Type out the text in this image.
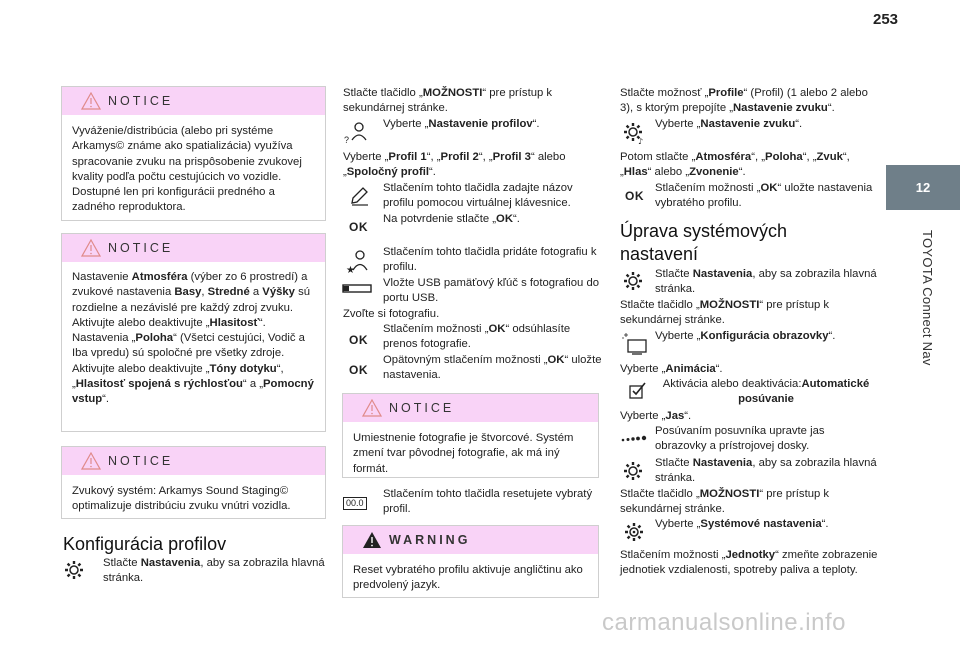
253
12
TOYOTA Connect Nav
NOTICE

Vyváženie/distribúcia (alebo pri systéme Arkamys© známe ako spatializácia) využíva spracovanie zvuku na prispôsobenie zvukovej kvality podľa počtu cestujúcich vo vozidle. Dostupné len pri konfigurácii predného a zadného reproduktora.

NOTICE

Nastavenie Atmosféra (výber zo 6 prostredí) a zvukové nastavenia Basy, Stredné a Výšky sú rozdielne a nezávislé pre každý zdroj zvuku.

Aktivujte alebo deaktivujte „Hlasitosť“.

Nastavenia „Poloha“ (Všetci cestujúci, Vodič a Iba vpredu) sú spoločné pre všetky zdroje.

Aktivujte alebo deaktivujte „Tóny dotyku“, „Hlasitosť spojená s rýchlosťou“ a „Pomocný vstup“.

NOTICE

Zvukový systém: Arkamys Sound Staging© optimalizuje distribúciu zvuku vnútri vozidla.

Konfigurácia profilov

Stlačte Nastavenia, aby sa zobrazila hlavná stránka.

Stlačte tlačidlo „MOŽNOSTI“ pre prístup k sekundárnej stránke.

?

Vyberte „Nastavenie profilov“.

Vyberte „Profil 1“, „Profil 2“, „Profil 3“ alebo „Spoločný profil“.

Stlačením tohto tlačidla zadajte názov profilu pomocou virtuálnej klávesnice.

OK

Na potvrdenie stlačte „OK“.

★

Stlačením tohto tlačidla pridáte fotografiu k profilu.

Vložte USB pamäťový kľúč s fotografiou do portu USB.

Zvoľte si fotografiu.

OK

Stlačením možnosti „OK“ odsúhlasíte prenos fotografie.

OK

Opätovným stlačením možnosti „OK“ uložte nastavenia.

NOTICE

Umiestnenie fotografie je štvorcové. Systém zmení tvar pôvodnej fotografie, ak má iný formát.

00.0

Stlačením tohto tlačidla resetujete vybratý profil.

WARNING

Reset vybratého profilu aktivuje angličtinu ako predvolený jazyk.

Stlačte možnosť „Profile“ (Profil) (1 alebo 2 alebo 3), s ktorým prepojíte „Nastavenie zvuku“.

♪

Vyberte „Nastavenie zvuku“.

Potom stlačte „Atmosféra“, „Poloha“, „Zvuk“, „Hlas“ alebo „Zvonenie“.

OK

Stlačením možnosti „OK“ uložte nastavenia vybratého profilu.

Úprava systémových nastavení

Stlačte Nastavenia, aby sa zobrazila hlavná stránka.

Stlačte tlačidlo „MOŽNOSTI“ pre prístup k sekundárnej stránke.

Vyberte „Konfigurácia obrazovky“.

Vyberte „Animácia“.

Aktivácia alebo deaktivácia:Automatické posúvanie

Vyberte „Jas“.

Posúvaním posuvníka upravte jas obrazovky a prístrojovej dosky.

Stlačte Nastavenia, aby sa zobrazila hlavná stránka.

Stlačte tlačidlo „MOŽNOSTI“ pre prístup k sekundárnej stránke.

Vyberte „Systémové nastavenia“.

Stlačením možnosti „Jednotky“ zmeňte zobrazenie jednotiek vzdialenosti, spotreby paliva a teploty.

carmanualsonline.info
